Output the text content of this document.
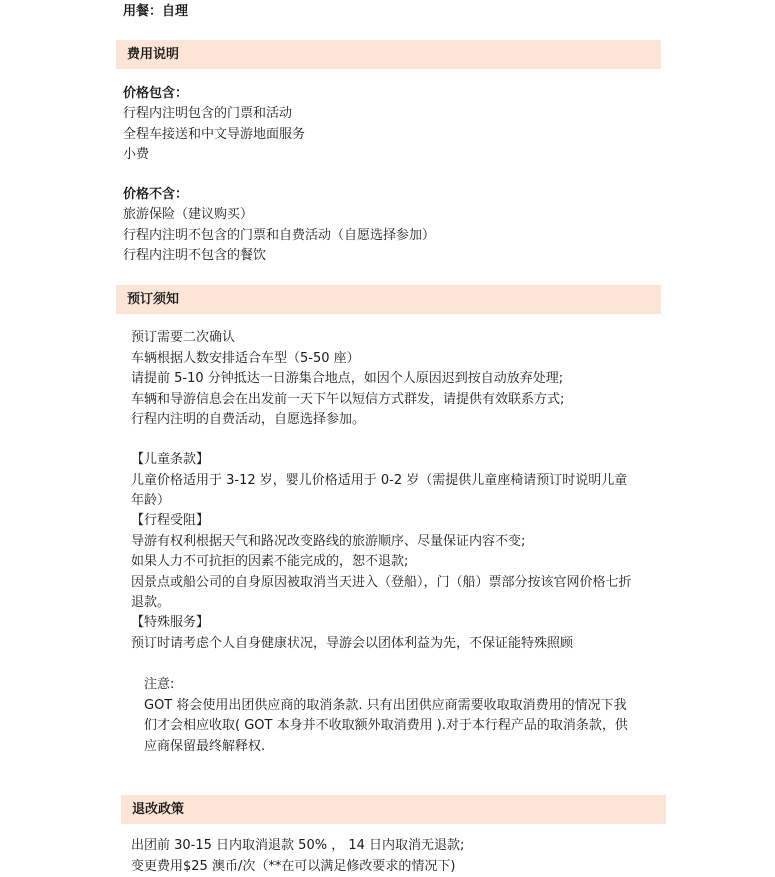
用餐：自理
费用说明
价格包含：
行程内注明包含的门票和活动
全程车接送和中文导游地面服务
小费
价格不含：
旅游保险（建议购买）
行程内注明不包含的门票和自费活动（自愿选择参加）
行程内注明不包含的餐饮
预订须知
预订需要二次确认
车辆根据人数安排适合车型（5-50 座）
请提前 5-10 分钟抵达一日游集合地点，如因个人原因迟到按自动放弃处理;
车辆和导游信息会在出发前一天下午以短信方式群发，请提供有效联系方式;
行程内注明的自费活动，自愿选择参加。
【儿童条款】
儿童价格适用于 3-12 岁，婴儿价格适用于 0-2 岁（需提供儿童座椅请预订时说明儿童
年龄）
【行程受阻】
导游有权利根据天气和路况改变路线的旅游顺序、尽量保证内容不变;
如果人力不可抗拒的因素不能完成的，恕不退款;
因景点或船公司的自身原因被取消当天进入（登船），门（船）票部分按该官网价格七折
退款。
【特殊服务】
预订时请考虑个人自身健康状况，导游会以团体利益为先，不保证能特殊照顾
注意:
GOT 将会使用出团供应商的取消条款. 只有出团供应商需要收取取消费用的情况下我
们才会相应收取( GOT 本身并不收取额外取消费用 ).对于本行程产品的取消条款，供
应商保留最终解释权.
退改政策
出团前 30-15 日内取消退款 50% ， 14 日内取消无退款;
变更费用$25 澳币/次（**在可以满足修改要求的情况下)
